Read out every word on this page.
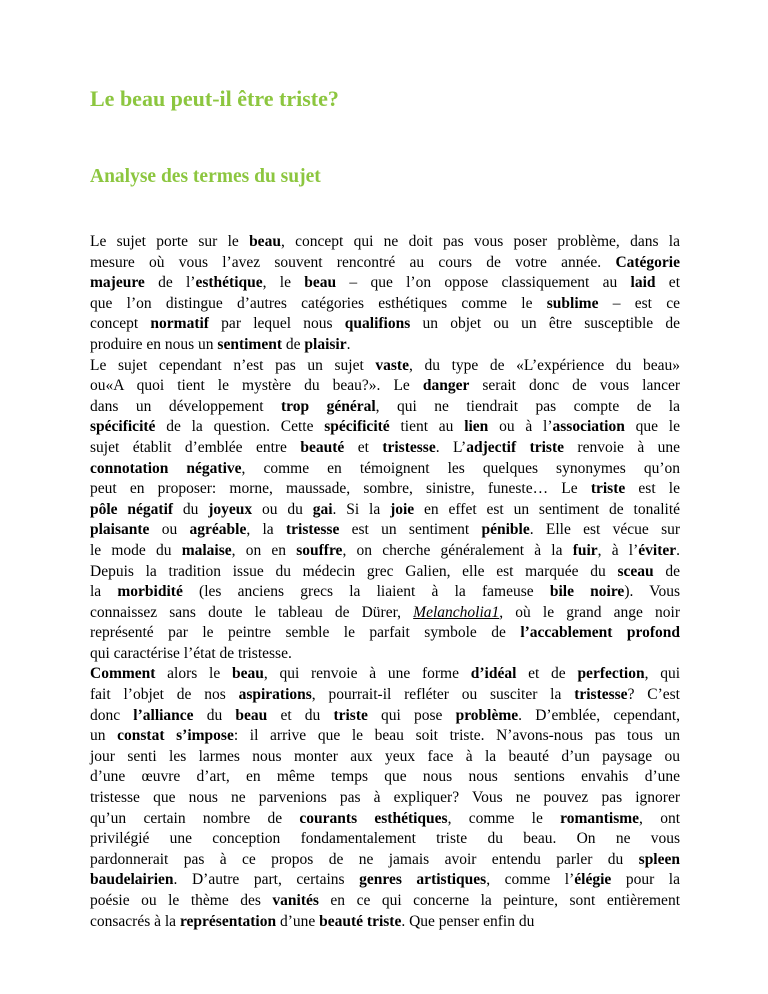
Le beau peut-il être triste?
Analyse des termes du sujet
Le sujet porte sur le beau, concept qui ne doit pas vous poser problème, dans la
mesure où vous l’avez souvent rencontré au cours de votre année. Catégorie
majeure de l’esthétique, le beau – que l’on oppose classiquement au laid et
que l’on distingue d’autres catégories esthétiques comme le sublime – est ce
concept normatif par lequel nous qualifions un objet ou un être susceptible de
produire en nous un sentiment de plaisir.
Le sujet cependant n’est pas un sujet vaste, du type de «L’expérience du beau»
ou«A quoi tient le mystère du beau?». Le danger serait donc de vous lancer
dans un développement trop général, qui ne tiendrait pas compte de la
spécificité de la question. Cette spécificité tient au lien ou à l’association que le
sujet établit d’emblée entre beauté et tristesse. L’adjectif triste renvoie à une
connotation négative, comme en témoignent les quelques synonymes qu’on
peut en proposer: morne, maussade, sombre, sinistre, funeste… Le triste est le
pôle négatif du joyeux ou du gai. Si la joie en effet est un sentiment de tonalité
plaisante ou agréable, la tristesse est un sentiment pénible. Elle est vécue sur
le mode du malaise, on en souffre, on cherche généralement à la fuir, à l’éviter.
Depuis la tradition issue du médecin grec Galien, elle est marquée du sceau de
la morbidité (les anciens grecs la liaient à la fameuse bile noire). Vous
connaissez sans doute le tableau de Dürer, Melancholia1, où le grand ange noir
représenté par le peintre semble le parfait symbole de l’accablement profond
qui caractérise l’état de tristesse.
Comment alors le beau, qui renvoie à une forme d’idéal et de perfection, qui
fait l’objet de nos aspirations, pourrait-il refléter ou susciter la tristesse? C’est
donc l’alliance du beau et du triste qui pose problème. D’emblée, cependant,
un constat s’impose: il arrive que le beau soit triste. N’avons-nous pas tous un
jour senti les larmes nous monter aux yeux face à la beauté d’un paysage ou
d’une œuvre d’art, en même temps que nous nous sentions envahis d’une
tristesse que nous ne parvenions pas à expliquer? Vous ne pouvez pas ignorer
qu’un certain nombre de courants esthétiques, comme le romantisme, ont
privilégié une conception fondamentalement triste du beau. On ne vous
pardonnerait pas à ce propos de ne jamais avoir entendu parler du spleen
baudelairien. D’autre part, certains genres artistiques, comme l’élégie pour la
poésie ou le thème des vanités en ce qui concerne la peinture, sont entièrement
consacrés à la représentation d’une beauté triste. Que penser enfin du
